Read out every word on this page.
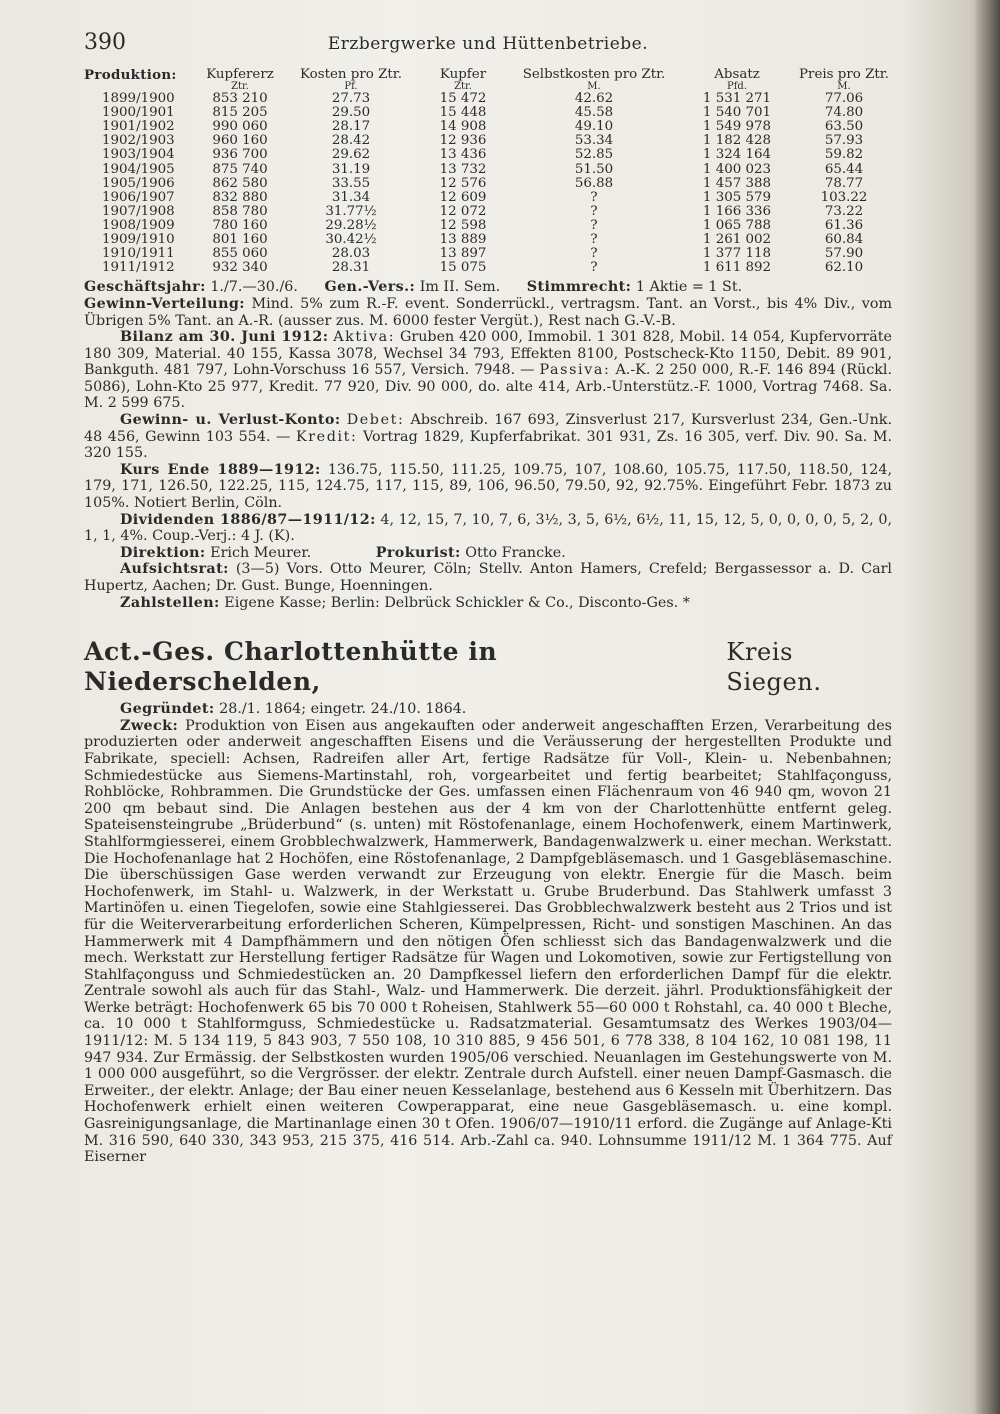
390	Erzbergwerke und Hüttenbetriebe.
Produktion:	Kupfererz	Kosten pro Ztr.	Kupfer	Selbstkosten pro Ztr.	Absatz	Preis pro Ztr.
	Ztr.	Pf.	Ztr.	M.	Pfd.	M.
1899/1900	853 210	27.73	15 472	42.62	1 531 271	77.06
1900/1901	815 205	29.50	15 448	45.58	1 540 701	74.80
1901/1902	990 060	28.17	14 908	49.10	1 549 978	63.50
1902/1903	960 160	28.42	12 936	53.34	1 182 428	57.93
1903/1904	936 700	29.62	13 436	52.85	1 324 164	59.82
1904/1905	875 740	31.19	13 732	51.50	1 400 023	65.44
1905/1906	862 580	33.55	12 576	56.88	1 457 388	78.77
1906/1907	832 880	31.34	12 609	?	1 305 579	103.22
1907/1908	858 780	31.77½	12 072	?	1 166 336	73.22
1908/1909	780 160	29.28½	12 598	?	1 065 788	61.36
1909/1910	801 160	30.42½	13 889	?	1 261 002	60.84
1910/1911	855 060	28.03	13 897	?	1 377 118	57.90
1911/1912	932 340	28.31	15 075	?	1 611 892	62.10

Geschäftsjahr: 1./7.—30./6. Gen.-Vers.: Im II. Sem. Stimmrecht: 1 Aktie = 1 St.

Gewinn-Verteilung: Mind. 5% zum R.-F. event. Sonderrückl., vertragsm. Tant. an Vorst., bis 4% Div., vom Übrigen 5% Tant. an A.-R. (ausser zus. M. 6000 fester Vergüt.), Rest nach G.-V.-B.

Bilanz am 30. Juni 1912: Aktiva: Gruben 420 000, Immobil. 1 301 828, Mobil. 14 054, Kupfervorräte 180 309, Material. 40 155, Kassa 3078, Wechsel 34 793, Effekten 8100, Postscheck-Kto 1150, Debit. 89 901, Bankguth. 481 797, Lohn-Vorschuss 16 557, Versich. 7948. — Passiva: A.-K. 2 250 000, R.-F. 146 894 (Rückl. 5086), Lohn-Kto 25 977, Kredit. 77 920, Div. 90 000, do. alte 414, Arb.-Unterstütz.-F. 1000, Vortrag 7468. Sa. M. 2 599 675.

Gewinn- u. Verlust-Konto: Debet: Abschreib. 167 693, Zinsverlust 217, Kursverlust 234, Gen.-Unk. 48 456, Gewinn 103 554. — Kredit: Vortrag 1829, Kupferfabrikat. 301 931, Zs. 16 305, verf. Div. 90. Sa. M. 320 155.

Kurs Ende 1889—1912: 136.75, 115.50, 111.25, 109.75, 107, 108.60, 105.75, 117.50, 118.50, 124, 179, 171, 126.50, 122.25, 115, 124.75, 117, 115, 89, 106, 96.50, 79.50, 92, 92.75%. Eingeführt Febr. 1873 zu 105%. Notiert Berlin, Cöln.

Dividenden 1886/87—1911/12: 4, 12, 15, 7, 10, 7, 6, 3½, 3, 5, 6½, 6½, 11, 15, 12, 5, 0, 0, 0, 0, 5, 2, 0, 1, 1, 4%. Coup.-Verj.: 4 J. (K).

Direktion: Erich Meurer.	Prokurist: Otto Francke.

Aufsichtsrat: (3—5) Vors. Otto Meurer, Cöln; Stellv. Anton Hamers, Crefeld; Bergassessor a. D. Carl Hupertz, Aachen; Dr. Gust. Bunge, Hoenningen.

Zahlstellen: Eigene Kasse; Berlin: Delbrück Schickler & Co., Disconto-Ges. *

Act.-Ges. Charlottenhütte in Niederschelden,
Kreis Siegen.

Gegründet: 28./1. 1864; eingetr. 24./10. 1864.

Zweck: Produktion von Eisen aus angekauften oder anderweit angeschafften Erzen, Verarbeitung des produzierten oder anderweit angeschafften Eisens und die Veräusserung der hergestellten Produkte und Fabrikate, speciell: Achsen, Radreifen aller Art, fertige Radsätze für Voll-, Klein- u. Nebenbahnen; Schmiedestücke aus Siemens-Martinstahl, roh, vorgearbeitet und fertig bearbeitet; Stahlfaçonguss, Rohblöcke, Rohbrammen. Die Grundstücke der Ges. umfassen einen Flächenraum von 46 940 qm, wovon 21 200 qm bebaut sind. Die Anlagen bestehen aus der 4 km von der Charlottenhütte entfernt geleg. Spateisensteingrube „Brüderbund“ (s. unten) mit Röstofenanlage, einem Hochofenwerk, einem Martinwerk, Stahlformgiesserei, einem Grobblechwalzwerk, Hammerwerk, Bandagenwalzwerk u. einer mechan. Werkstatt. Die Hochofenanlage hat 2 Hochöfen, eine Röstofenanlage, 2 Dampfgebläsemasch. und 1 Gasgebläsemaschine. Die überschüssigen Gase werden verwandt zur Erzeugung von elektr. Energie für die Masch. beim Hochofenwerk, im Stahl- u. Walzwerk, in der Werkstatt u. Grube Bruderbund. Das Stahlwerk umfasst 3 Martinöfen u. einen Tiegelofen, sowie eine Stahlgiesserei. Das Grobblechwalzwerk besteht aus 2 Trios und ist für die Weiterverarbeitung erforderlichen Scheren, Kümpelpressen, Richt- und sonstigen Maschinen. An das Hammerwerk mit 4 Dampfhämmern und den nötigen Öfen schliesst sich das Bandagenwalzwerk und die mech. Werkstatt zur Herstellung fertiger Radsätze für Wagen und Lokomotiven, sowie zur Fertigstellung von Stahlfaçonguss und Schmiedestücken an. 20 Dampfkessel liefern den erforderlichen Dampf für die elektr. Zentrale sowohl als auch für das Stahl-, Walz- und Hammerwerk. Die derzeit. jährl. Produktionsfähigkeit der Werke beträgt: Hochofenwerk 65 bis 70 000 t Roheisen, Stahlwerk 55—60 000 t Rohstahl, ca. 40 000 t Bleche, ca. 10 000 t Stahlformguss, Schmiedestücke u. Radsatzmaterial. Gesamtumsatz des Werkes 1903/04—1911/12: M. 5 134 119, 5 843 903, 7 550 108, 10 310 885, 9 456 501, 6 778 338, 8 104 162, 10 081 198, 11 947 934. Zur Ermässig. der Selbstkosten wurden 1905/06 verschied. Neuanlagen im Gestehungswerte von M. 1 000 000 ausgeführt, so die Vergrösser. der elektr. Zentrale durch Aufstell. einer neuen Dampf-Gasmasch. die Erweiter., der elektr. Anlage; der Bau einer neuen Kesselanlage, bestehend aus 6 Kesseln mit Überhitzern. Das Hochofenwerk erhielt einen weiteren Cowperapparat, eine neue Gasgebläsemasch. u. eine kompl. Gasreinigungsanlage, die Martinanlage einen 30 t Ofen. 1906/07—1910/11 erford. die Zugänge auf Anlage-Kti M. 316 590, 640 330, 343 953, 215 375, 416 514. Arb.-Zahl ca. 940. Lohnsumme 1911/12 M. 1 364 775. Auf Eiserner
